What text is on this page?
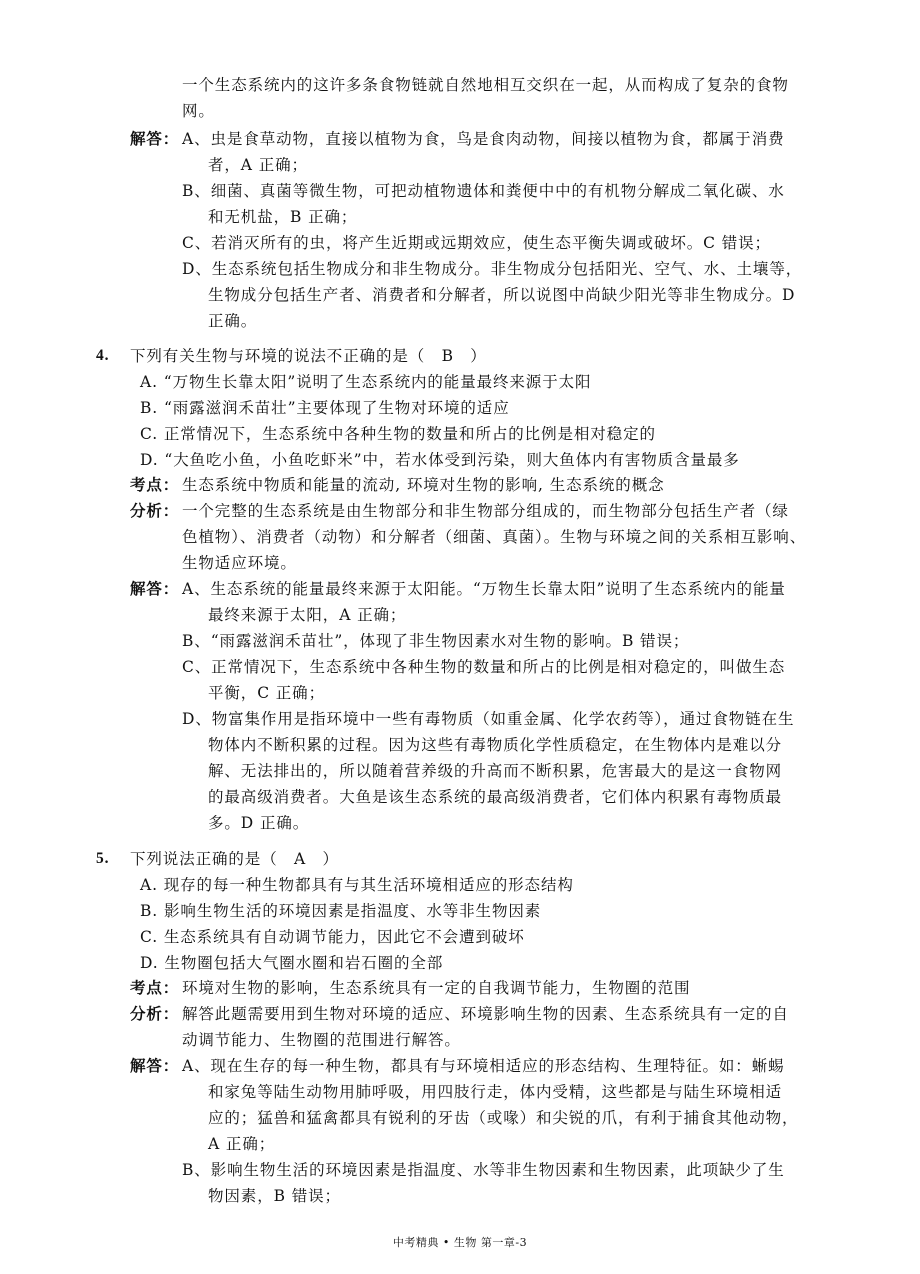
一个生态系统内的这许多条食物链就自然地相互交织在一起，从而构成了复杂的食物
网。
解答： A、虫是食草动物，直接以植物为食，鸟是食肉动物，间接以植物为食，都属于消费
者，A 正确；
B、细菌、真菌等微生物，可把动植物遗体和粪便中中的有机物分解成二氧化碳、水
和无机盐，B 正确；
C、若消灭所有的虫，将产生近期或远期效应，使生态平衡失调或破坏。C 错误；
D、生态系统包括生物成分和非生物成分。非生物成分包括阳光、空气、水、土壤等，
生物成分包括生产者、消费者和分解者，所以说图中尚缺少阳光等非生物成分。D
正确。
4. 下列有关生物与环境的说法不正确的是（　B　）
A. “万物生长靠太阳”说明了生态系统内的能量最终来源于太阳
B. “雨露滋润禾苗壮”主要体现了生物对环境的适应
C. 正常情况下，生态系统中各种生物的数量和所占的比例是相对稳定的
D. “大鱼吃小鱼，小鱼吃虾米”中，若水体受到污染，则大鱼体内有害物质含量最多
考点： 生态系统中物质和能量的流动, 环境对生物的影响, 生态系统的概念
分析： 一个完整的生态系统是由生物部分和非生物部分组成的，而生物部分包括生产者（绿
色植物）、消费者（动物）和分解者（细菌、真菌）。生物与环境之间的关系相互影响、
生物适应环境。
解答： A、生态系统的能量最终来源于太阳能。“万物生长靠太阳”说明了生态系统内的能量
最终来源于太阳，A 正确；
B、“雨露滋润禾苗壮”，体现了非生物因素水对生物的影响。B 错误；
C、正常情况下，生态系统中各种生物的数量和所占的比例是相对稳定的，叫做生态
平衡，C 正确；
D、物富集作用是指环境中一些有毒物质（如重金属、化学农药等），通过食物链在生
物体内不断积累的过程。因为这些有毒物质化学性质稳定，在生物体内是难以分
解、无法排出的，所以随着营养级的升高而不断积累，危害最大的是这一食物网
的最高级消费者。大鱼是该生态系统的最高级消费者，它们体内积累有毒物质最
多。D 正确。
5. 下列说法正确的是（　A　）
A. 现存的每一种生物都具有与其生活环境相适应的形态结构
B. 影响生物生活的环境因素是指温度、水等非生物因素
C. 生态系统具有自动调节能力，因此它不会遭到破坏
D. 生物圈包括大气圈水圈和岩石圈的全部
考点： 环境对生物的影响，生态系统具有一定的自我调节能力，生物圈的范围
分析： 解答此题需要用到生物对环境的适应、环境影响生物的因素、生态系统具有一定的自
动调节能力、生物圈的范围进行解答。
解答： A、现在生存的每一种生物，都具有与环境相适应的形态结构、生理特征。如：蜥蜴
和家兔等陆生动物用肺呼吸，用四肢行走，体内受精，这些都是与陆生环境相适
应的；猛兽和猛禽都具有锐利的牙齿（或喙）和尖锐的爪，有利于捕食其他动物，
A 正确；
B、影响生物生活的环境因素是指温度、水等非生物因素和生物因素，此项缺少了生
物因素，B 错误；
中考精典 • 生物 第一章-3
